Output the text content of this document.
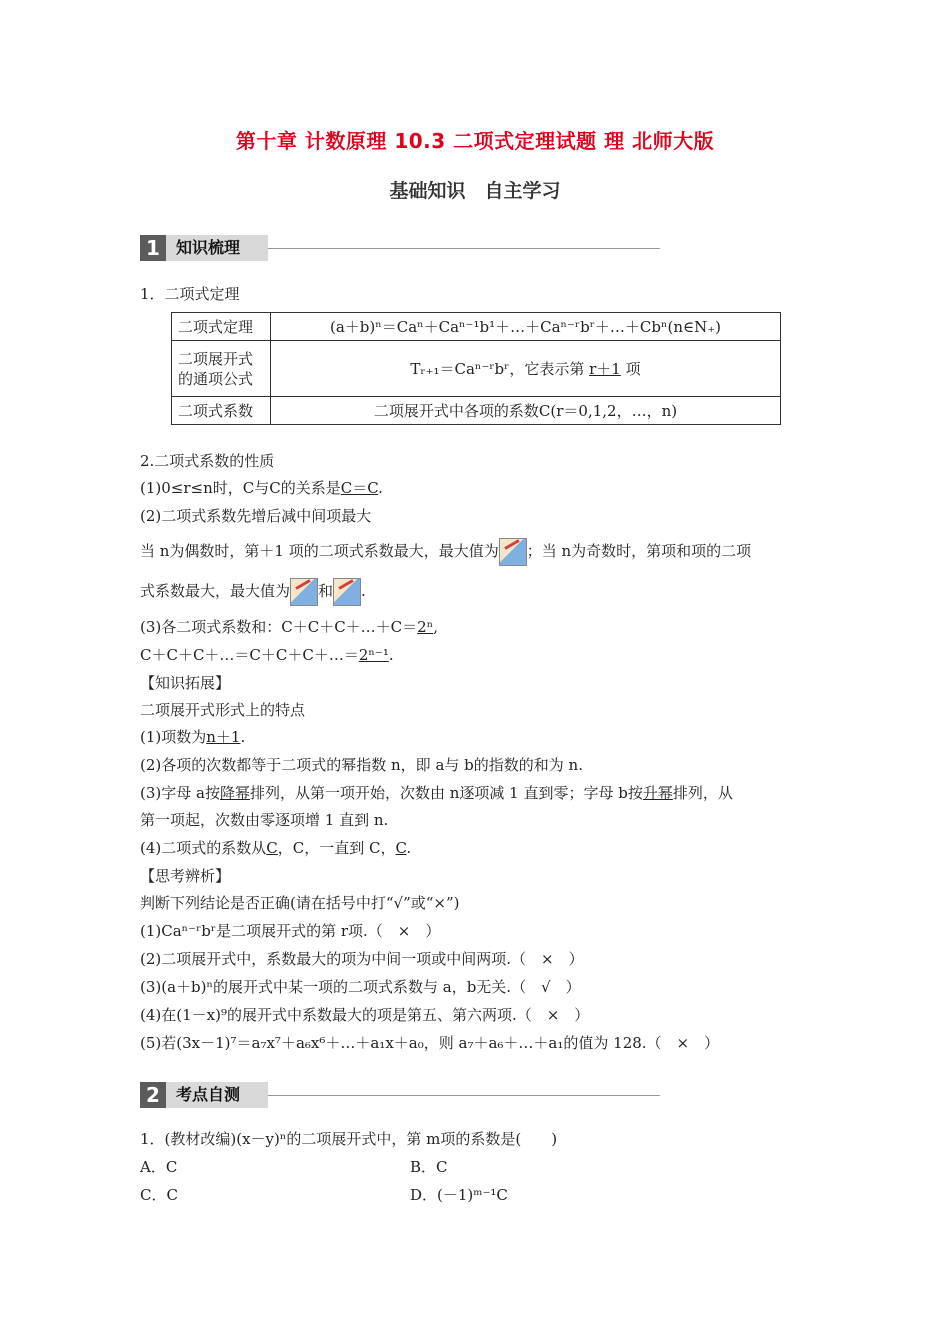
第十章 计数原理 10.3 二项式定理试题 理 北师大版
基础知识　自主学习
1	知识梳理
1．二项式定理
二项式定理	(a＋b)ⁿ＝Caⁿ＋Caⁿ⁻¹b¹＋…＋Caⁿ⁻ʳbʳ＋…＋Cbⁿ(n∈N₊)
二项展开式的通项公式	Tᵣ₊₁＝Caⁿ⁻ʳbʳ，它表示第 r＋1 项
二项式系数	二项展开式中各项的系数C(r＝0,1,2，…，n)
2.二项式系数的性质
(1)0≤r≤n时，C与C的关系是C＝C.
(2)二项式系数先增后减中间项最大
当 n为偶数时，第＋1 项的二项式系数最大，最大值为 ；当 n为奇数时，第项和项的二项
式系数最大，最大值为 和 .
(3)各二项式系数和：C＋C＋C＋…＋C＝2ⁿ,
C＋C＋C＋…＝C＋C＋C＋…＝2ⁿ⁻¹.
【知识拓展】
二项展开式形式上的特点
(1)项数为n＋1.
(2)各项的次数都等于二项式的幂指数 n，即 a与 b的指数的和为 n.
(3)字母 a按降幂排列，从第一项开始，次数由 n逐项减 1 直到零；字母 b按升幂排列，从
第一项起，次数由零逐项增 1 直到 n.
(4)二项式的系数从C，C，一直到 C，C.
【思考辨析】
判断下列结论是否正确(请在括号中打“√”或“×”)
(1)Caⁿ⁻ʳbʳ是二项展开式的第 r项.（　×　）
(2)二项展开式中，系数最大的项为中间一项或中间两项.（　×　）
(3)(a＋b)ⁿ的展开式中某一项的二项式系数与 a，b无关.（　√　）
(4)在(1－x)⁹的展开式中系数最大的项是第五、第六两项.（　×　）
(5)若(3x－1)⁷＝a₇x⁷＋a₆x⁶＋…＋a₁x＋a₀，则 a₇＋a₆＋…＋a₁的值为 128.（　×　）
2	考点自测
1．(教材改编)(x－y)ⁿ的二项展开式中，第 m项的系数是(　　)
A．C	B．C
C．C	D．(－1)ᵐ⁻¹C
